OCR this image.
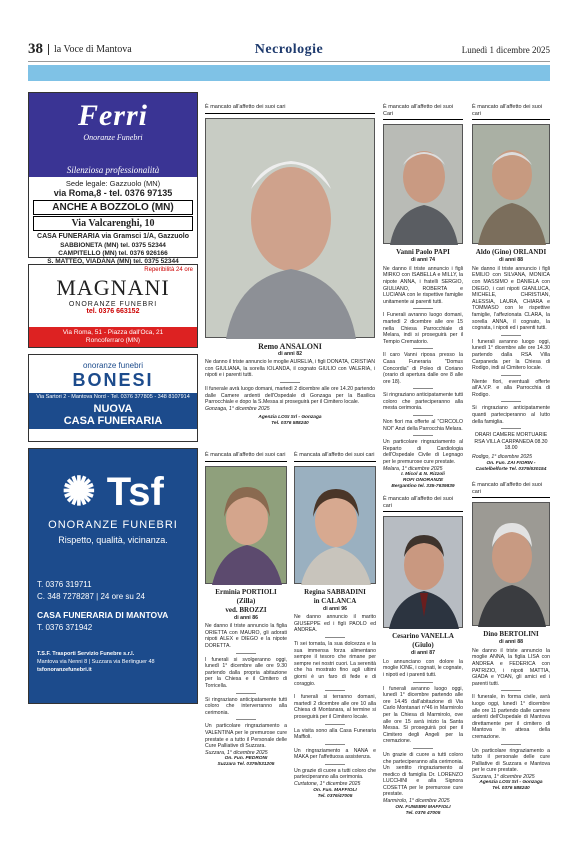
38	la Voce di Mantova	Necrologie	Lunedì 1 dicembre 2025
Ferri
Onoranze Funebri
Silenziosa professionalità
Sede legale: Gazzuolo (MN)
via Roma,8 - tel. 0376 97135
ANCHE A BOZZOLO (MN)
Via Valcarenghi, 10
CASA FUNERARIA via Gramsci 1/A, Gazzuolo
SABBIONETA (MN) tel. 0375 52344
CAMPITELLO (MN) tel. 0376 926166
S. MATTEO, VIADANA (MN) tel. 0375 52344
Reperibilità 24 ore
MAGNANI
ONORANZE FUNEBRI
tel. 0376 663152
Via Roma, 51 - Piazza dall'Oca, 21
Roncoferraro (MN)
onoranze funebri
BONESI
Via Sartori 2 - Mantova Nord - Tel. 0376 377805 - 348 8107914
NUOVA
CASA FUNERARIA
✺ Tsf
ONORANZE FUNEBRI
Rispetto, qualità, vicinanza.
T. 0376 319711
C. 348 7278287 | 24 ore su 24
CASA FUNERARIA DI MANTOVA
T. 0376 371942
T.S.F. Trasporti Servizio Funebre s.r.l.
Mantova via Nenni 8 | Suzzara via Berlinguer 48
tsfonoranzefunebri.it
È mancato all'affetto dei suoi cari
Remo ANSALONI
di anni 82
Ne danno il triste annuncio le moglie AURELIA, i figli DONATA, CRISTIAN con GIULIANA, la sorella IOLANDA, il cognato GIULIO con VALERIA, i nipoti e i parenti tutti.
Il funerale avrà luogo domani, martedì 2 dicembre alle ore 14.20 partendo dalle Camere ardenti dell'Ospedale di Gonzaga per la Basilica Parrocchiale e dopo la S.Messa si proseguirà per il Cimitero locale.
Gonzaga, 1° dicembre 2025
Agenzia LOSI Srl - Gonzaga
Tel. 0376 588240
È mancato all'affetto dei suoi Cari
Vanni Paolo PAPI
di anni 74
Ne danno il triste annuncio i figli MIRKO con ISABELLA e MILLY, la nipote ANNA, i fratelli SERGIO, GIULIANO, ROBERTA e LUCIANA con le rispettive famiglie unitamente ai parenti tutti.
I Funerali avranno luogo domani, martedì 2 dicembre alle ore 15 nella Chiesa Parrocchiale di Melara, indi si proseguirà per il Tempio Crematorio.
Il caro Vanni riposa presso la Casa Funeraria "Domus Concordia" di Poleo di Coriano (orario di apertura dalle ore 8 alle ore 18).
Si ringraziano anticipatamente tutti coloro che parteciperanno alla mesta cerimonia.
Non fiori ma offerte al "CIRCOLO NOI" Anzi della Parrocchia Melara.
Un particolare ringraziamento al Reparto di Cardiologia dell'Ospedale Civile di Legnago per le premurose cure prestate.
Melara, 1° dicembre 2025
I. Micol & N. Rizzoli
ROFI ONORANZE
Bergantino tel. 335-7639839
È mancato all'affetto dei suoi cari
Aldo (Gino) ORLANDI
di anni 88
Ne danno il triste annuncio i figli EMILIO con SILVANA, MONICA con MASSIMO e DANIELA con DIEGO, i cari nipoti GIANLUCA, MICHELE, CHRISTIAN, ALESSIA, LAURA, CHIARA e TOMMASO con le rispettive famiglie, l'affezionata CLARA, la sorella ANNA, il cognato, la cognata, i nipoti ed i parenti tutti.
I funerali avranno luogo oggi, lunedì 1° dicembre alle ore 14.30 partendo dalla RSA Villa Carpaneda per la Chiesa di Rodigo, indi al Cimitero locale.
Niente fiori, eventuali offerte all'A.V.P. e alla Parrocchia di Rodigo.
Si ringraziano anticipatamente quanti parteciperanno al lutto della famiglia.
ORARI CAMERE MORTUARIE RSA VILLA CARPANEDA 08.30 18.00
Rodigo, 1° dicembre 2025
On. Fun. ZAI FIORIN -
Castelbelforte Tel. 0376/630154
È mancata all'affetto dei suoi cari
Erminia PORTIOLI
(Zilla)
ved. BROZZI
di anni 86
Ne danno il triste annuncio la figlia ORIETTA con MAURO, gli adorati nipoti ALEX e DIEGO e la nipote DORETTA.
I funerali si svolgeranno oggi, lunedì 1° dicembre alle ore 9.30 partendo dalla propria abitazione per la Chiesa e il Cimitero di Torricella.
Si ringraziano anticipatamente tutti coloro che interverranno alla cerimonia.
Un particolare ringraziamento a VALENTINA per le premurose cure prestate e a tutto il Personale delle Cure Palliative di Suzzara.
Suzzara, 1° dicembre 2025
On. Fun. PEDRONI
Suzzara Tel. 0376/531205
È mancata all'affetto dei suoi cari
Regina SABBADINI
in CALANCA
di anni 96
Ne danno annuncio il marito GIUSEPPE ed i figli PAOLO ed ANDREA.
Ti sei tornata, la sua dolcezza e la sua immensa forza alimentano sempre il tesoro che rimane per sempre nei nostri cuori. La serenità che ha mostrato fino agli ultimi giorni è un faro di fede e di coraggio.
I funerali si terranno domani, martedì 2 dicembre alle ore 10 alla Chiesa di Montanara, al termine si proseguirà per il Cimitero locale.
La visita sono alla Casa Funeraria Maffioli.
Un ringraziamento a NANA e MAKA per l'affettuosa assistenza.
Un grazie di cuore a tutti coloro che parteciperanno alla cerimonia.
Curtatone, 1° dicembre 2025
On. Fun. MAFFIOLI
Tel. 0376/47005
È mancato all'affetto dei suoi cari
Cesarino VANELLA
(Giulo)
di anni 87
Lo annunciano con dolore la moglie IONE, i cognati, le cognate, i nipoti ed i parenti tutti.
I funerali avranno luogo oggi, lunedì 1° dicembre partendo alle ore 14.45 dall'abitazione di Via Carlo Montanari n°46 in Marmirolo per la Chiesa di Marmirolo, ove alle ore 15 avrà inizio la Santa Messa. Si proseguirà poi per il Cimitero degli Angeli per la cremazione.
Un grazie di cuore a tutti coloro che parteciperanno alla cerimonia. Un sentito ringraziamento al medico di famiglia Dr. LORENZO LUCCHINI e alla Signora COSETTA per le premurose cure prestate.
Marmirolo, 1° dicembre 2025
ON. FUNEBRI MAFFIOLI
Tel. 0376 47005
È mancato all'affetto dei suoi cari
Dino BERTOLINI
di anni 88
Ne danno il triste annuncio la moglie ANNA, la figlia LISA con ANDREA e FEDERICA con PATRIZIO, i nipoti MATTIA, GIADA e YOAN, gli amici ed i parenti tutti.
Il funerale, in forma civile, avrà luogo oggi, lunedì 1° dicembre alle ore 11 partendo dalle camere ardenti dell'Ospedale di Mantova direttamente per il cimitero di Mantova in attesa della cremazione.
Un particolare ringraziamento a tutto il personale delle cure Palliative di Suzzara e Mantova per le cure prestate.
Suzzara, 1° dicembre 2025
Agenzia LOSI Srl - Gonzaga
Tel. 0376 588240
